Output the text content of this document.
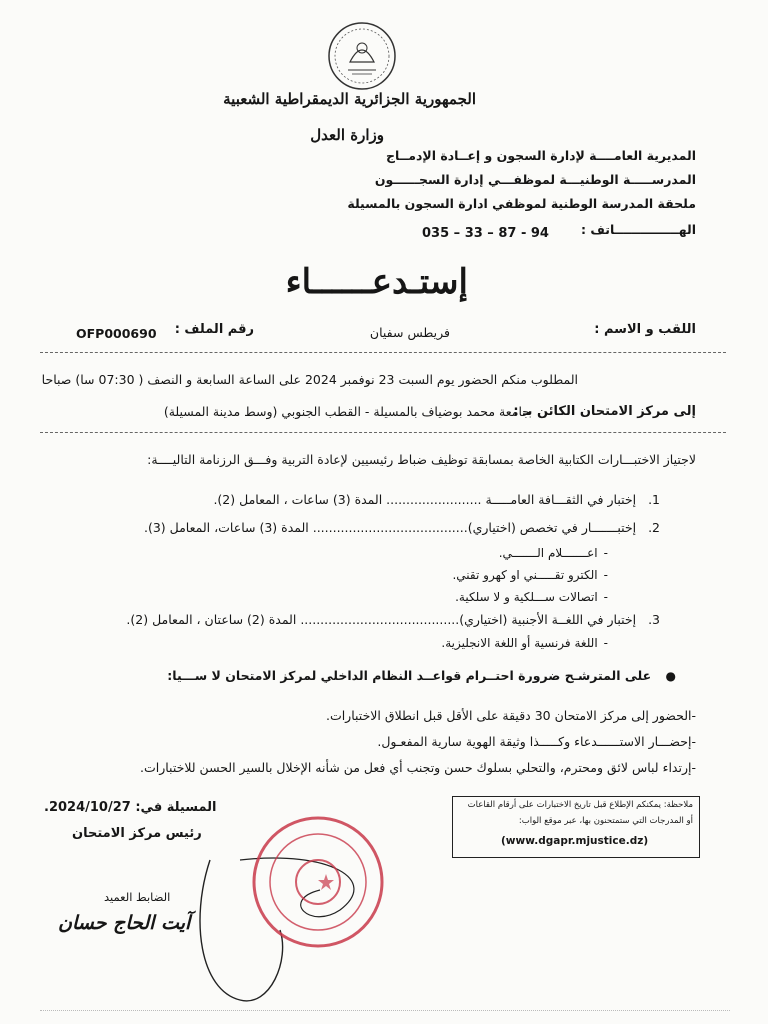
الجمهورية الجزائرية الديمقراطية الشعبية
وزارة العدل
المديرية العامــــة لإدارة السجون و إعــادة الإدمــاج
المدرســـــة الوطنيـــة لموظفـــي إدارة السجــــــون
ملحقة المدرسة الوطنية لموظفي ادارة السجون بالمسيلة
الهـــــــــــــــاتف :
035 – 33 – 87 - 94
إستـدعــــــاء
اللقب و الاسم :
فريطس سفيان
رقم الملف :
OFP000690
المطلوب منكم الحضور يوم السبت 23 نوفمبر 2024 على الساعة السابعة و النصف ( 07:30 سا) صباحا
إلى مركز الامتحان الكائن بـ :
جامعة محمد بوضياف بالمسيلة - القطب الجنوبي (وسط مدينة المسيلة)
لاجتياز الاختبـــارات الكتابية الخاصة بمسابقة توظيف ضباط رئيسيين لإعادة التربية وفـــق الرزنامة التاليــــة:
1. إختبار في الثقـــافة العامـــــة ........................ المدة (3) ساعات ، المعامل (2).
2. إختبـــــــار في تخصص (اختياري)....................................... المدة (3) ساعات، المعامل (3).
- اعـــــــلام الـــــــي.
- الكترو تقـــــني او كهرو تقني.
- اتصالات ســـلكية و لا سلكية.
3. إختبار في اللغــة الأجنبية (اختياري)........................................ المدة (2) ساعتان ، المعامل (2).
- اللغة فرنسية أو اللغة الانجليزية.
● على المترشـح ضرورة احتــرام قواعــد النظام الداخلي لمركز الامتحان لا ســـيا:
-الحضور إلى مركز الامتحان 30 دقيقة على الأقل قبل انطلاق الاختبارات.
-إحضـــار الاستــــــدعاء وكـــــذا وثيقة الهوية سارية المفعـول.
-إرتداء لباس لائق ومحترم، والتحلي بسلوك حسن وتجنب أي فعل من شأنه الإخلال بالسير الحسن للاختبارات.
المسيلة في: 2024/10/27.
رئيس مركز الامتحان
الضابط العميد
آيت الحاج حسان
ملاحظة: يمكنكم الإطلاع قبل تاريخ الاختبارات على أرقام القاعات
أو المدرجات التي ستمتحنون بها، عبر موقع الواب:
(www.dgapr.mjustice.dz)
